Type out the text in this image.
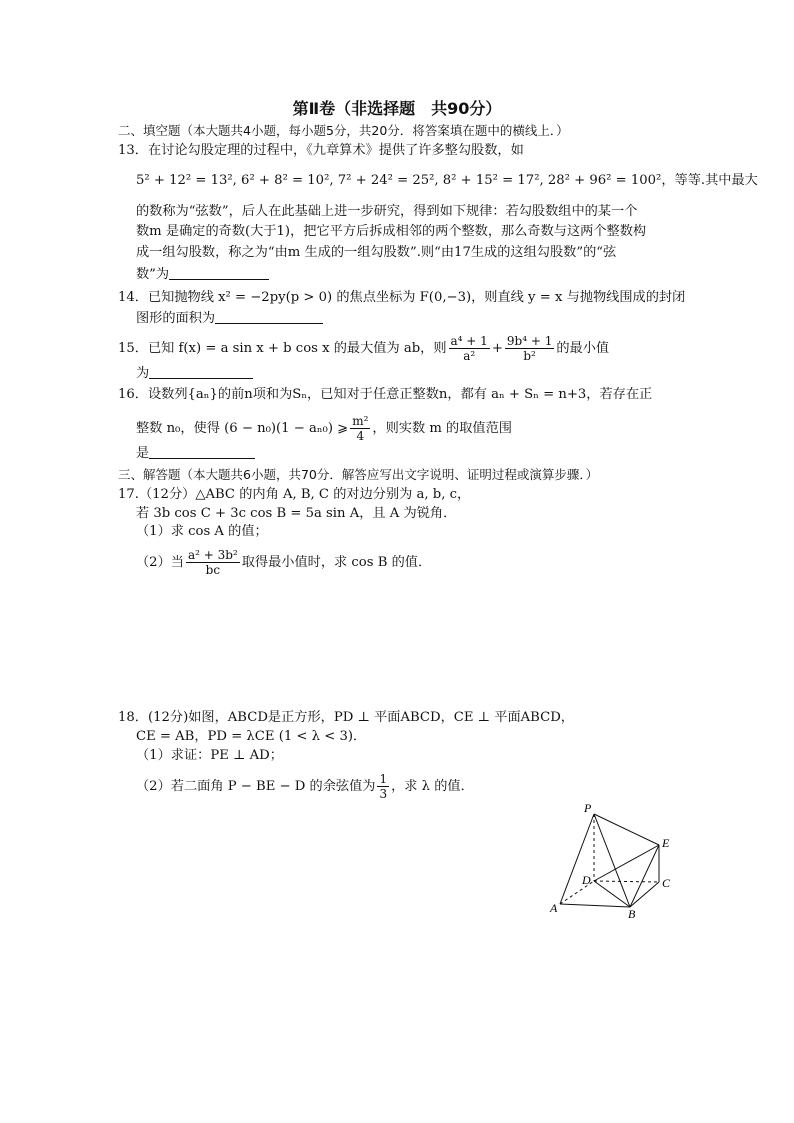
第Ⅱ卷（非选择题　共90分）
二、填空题（本大题共4小题，每小题5分，共20分．将答案填在题中的横线上．）
13．在讨论勾股定理的过程中，《九章算术》提供了许多整勾股数，如
5² + 12² = 13², 6² + 8² = 10², 7² + 24² = 25², 8² + 15² = 17², 28² + 96² = 100²，等等.其中最大
的数称为“弦数”，后人在此基础上进一步研究，得到如下规律：若勾股数组中的某一个
数m 是确定的奇数(大于1)，把它平方后拆成相邻的两个整数，那么奇数与这两个整数构
成一组勾股数，称之为“由m 生成的一组勾股数”.则“由17生成的这组勾股数”的“弦
数”为
14．已知抛物线 x² = −2py(p > 0) 的焦点坐标为 F(0,−3)，则直线 y = x 与抛物线围成的封闭
图形的面积为
15．已知 f(x) = a sin x + b cos x 的最大值为 ab，则 $\frac{\text{a⁴ + 1}}{\text{a²}} + \frac{\text{9b⁴ + 1}}{\text{b²}}$ 的最小值
为
16．设数列{aₙ}的前n项和为Sₙ，已知对于任意正整数n，都有 aₙ + Sₙ = n+3，若存在正
整数 n₀，使得 (6 − n₀)(1 − aₙ₀) ⩾ $\frac{\text{m²}}{4}$ ，则实数 m 的取值范围
是
三、解答题（本大题共6小题，共70分．解答应写出文字说明、证明过程或演算步骤．）
17.（12分）△ABC 的内角 A, B, C 的对边分别为 a, b, c，
若 3b cos C + 3c cos B = 5a sin A，且 A 为锐角．
（1）求 cos A 的值；
（2）当 $\frac{\text{a² + 3b²}}{bc}$ 取得最小值时，求 cos B 的值．
18．(12分)如图，ABCD是正方形，PD ⊥ 平面ABCD，CE ⊥ 平面ABCD，
CE = AB，PD = λCE (1 < λ < 3)．
（1）求证：PE ⊥ AD；
（2）若二面角 P − BE − D 的余弦值为 $\frac{1}{3}$ ，求 λ 的值．
P
E
D	C
A	B
